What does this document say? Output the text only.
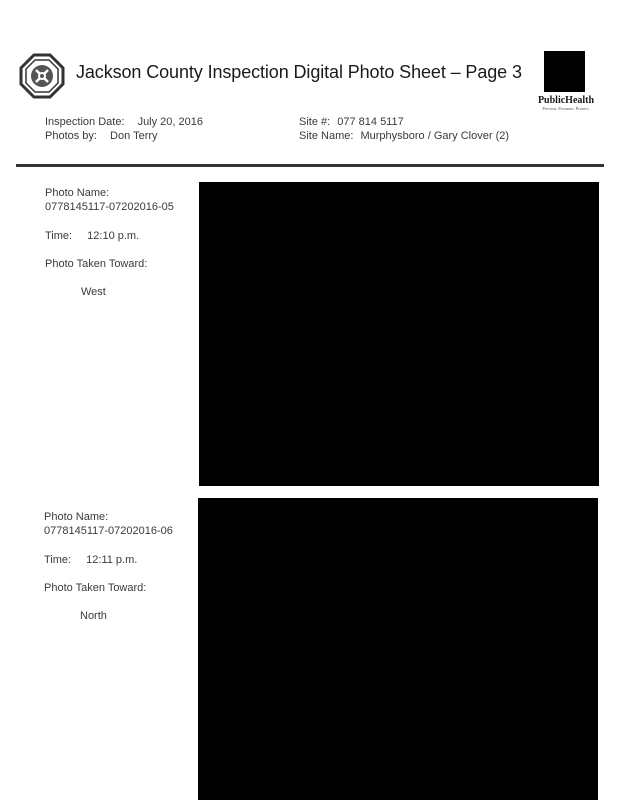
Jackson County Inspection Digital Photo Sheet – Page 3
PublicHealth
Prevent. Promote. Protect.
Inspection Date: July 20, 2016
Photos by: Don Terry
Site #: 077 814 5117
Site Name: Murphysboro / Gary Clover (2)
Photo Name:
0778145117-07202016-05
Time: 12:10 p.m.
Photo Taken Toward:
West
Photo Name:
0778145117-07202016-06
Time: 12:11 p.m.
Photo Taken Toward:
North
